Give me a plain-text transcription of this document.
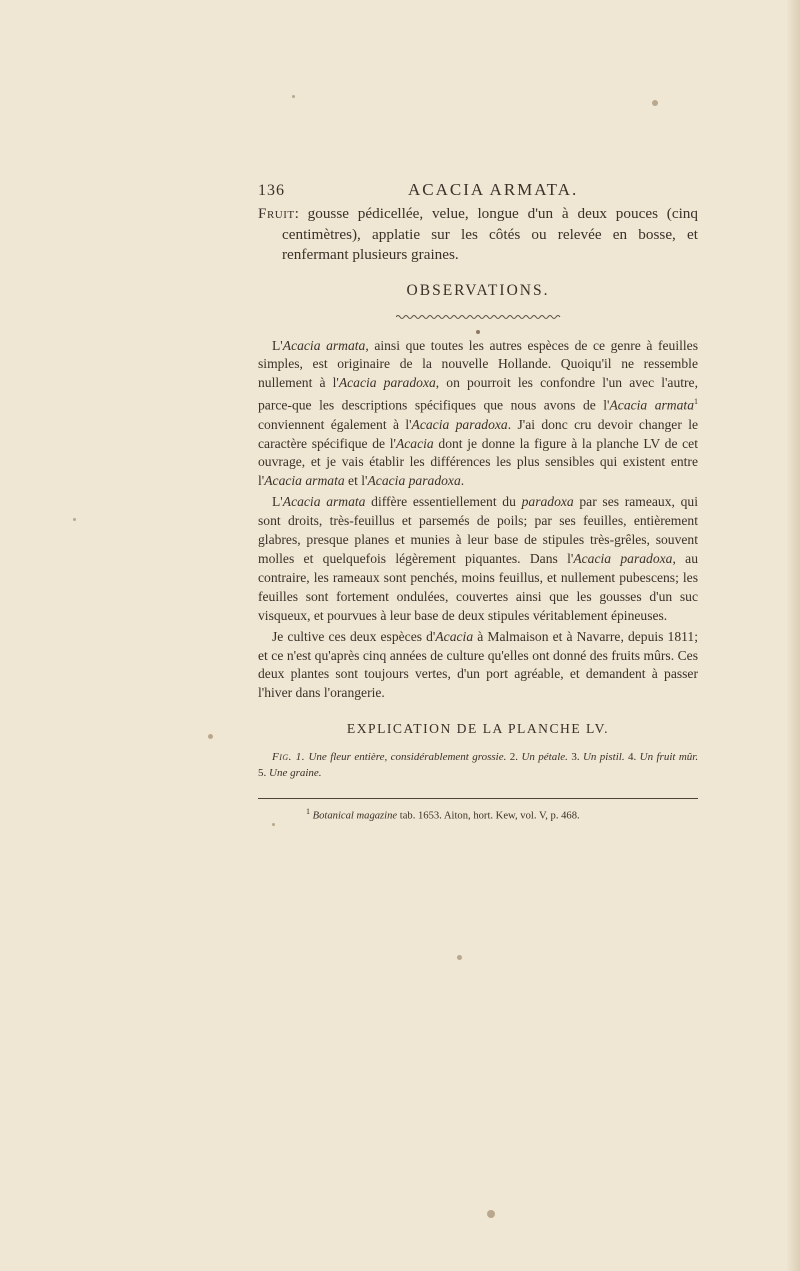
136	ACACIA ARMATA.
Fruit: gousse pédicellée, velue, longue d'un à deux pouces (cinq centimètres), applatie sur les côtés ou relevée en bosse, et renfermant plusieurs graines.
OBSERVATIONS.

L'Acacia armata, ainsi que toutes les autres espèces de ce genre à feuilles simples, est originaire de la nouvelle Hollande. Quoiqu'il ne ressemble nullement à l'Acacia paradoxa, on pourroit les confondre l'un avec l'autre, parce-que les descriptions spécifiques que nous avons de l'Acacia armata$^1$ conviennent également à l'Acacia paradoxa. J'ai donc cru devoir changer le caractère spécifique de l'Acacia dont je donne la figure à la planche LV de cet ouvrage, et je vais établir les différences les plus sensibles qui existent entre l'Acacia armata et l'Acacia paradoxa.

L'Acacia armata diffère essentiellement du paradoxa par ses rameaux, qui sont droits, très-feuillus et parsemés de poils; par ses feuilles, entièrement glabres, presque planes et munies à leur base de stipules très-grêles, souvent molles et quelquefois légèrement piquantes. Dans l'Acacia paradoxa, au contraire, les rameaux sont penchés, moins feuillus, et nullement pubescens; les feuilles sont fortement ondulées, couvertes ainsi que les gousses d'un suc visqueux, et pourvues à leur base de deux stipules véritablement épineuses.

Je cultive ces deux espèces d'Acacia à Malmaison et à Navarre, depuis 1811; et ce n'est qu'après cinq années de culture qu'elles ont donné des fruits mûrs. Ces deux plantes sont toujours vertes, d'un port agréable, et demandent à passer l'hiver dans l'orangerie.

EXPLICATION DE LA PLANCHE LV.
Fig. 1. Une fleur entière, considérablement grossie. 2. Un pétale. 3. Un pistil. 4. Un fruit mûr. 5. Une graine.
$^1$ Botanical magazine tab. 1653. Aiton, hort. Kew, vol. V, p. 468.
